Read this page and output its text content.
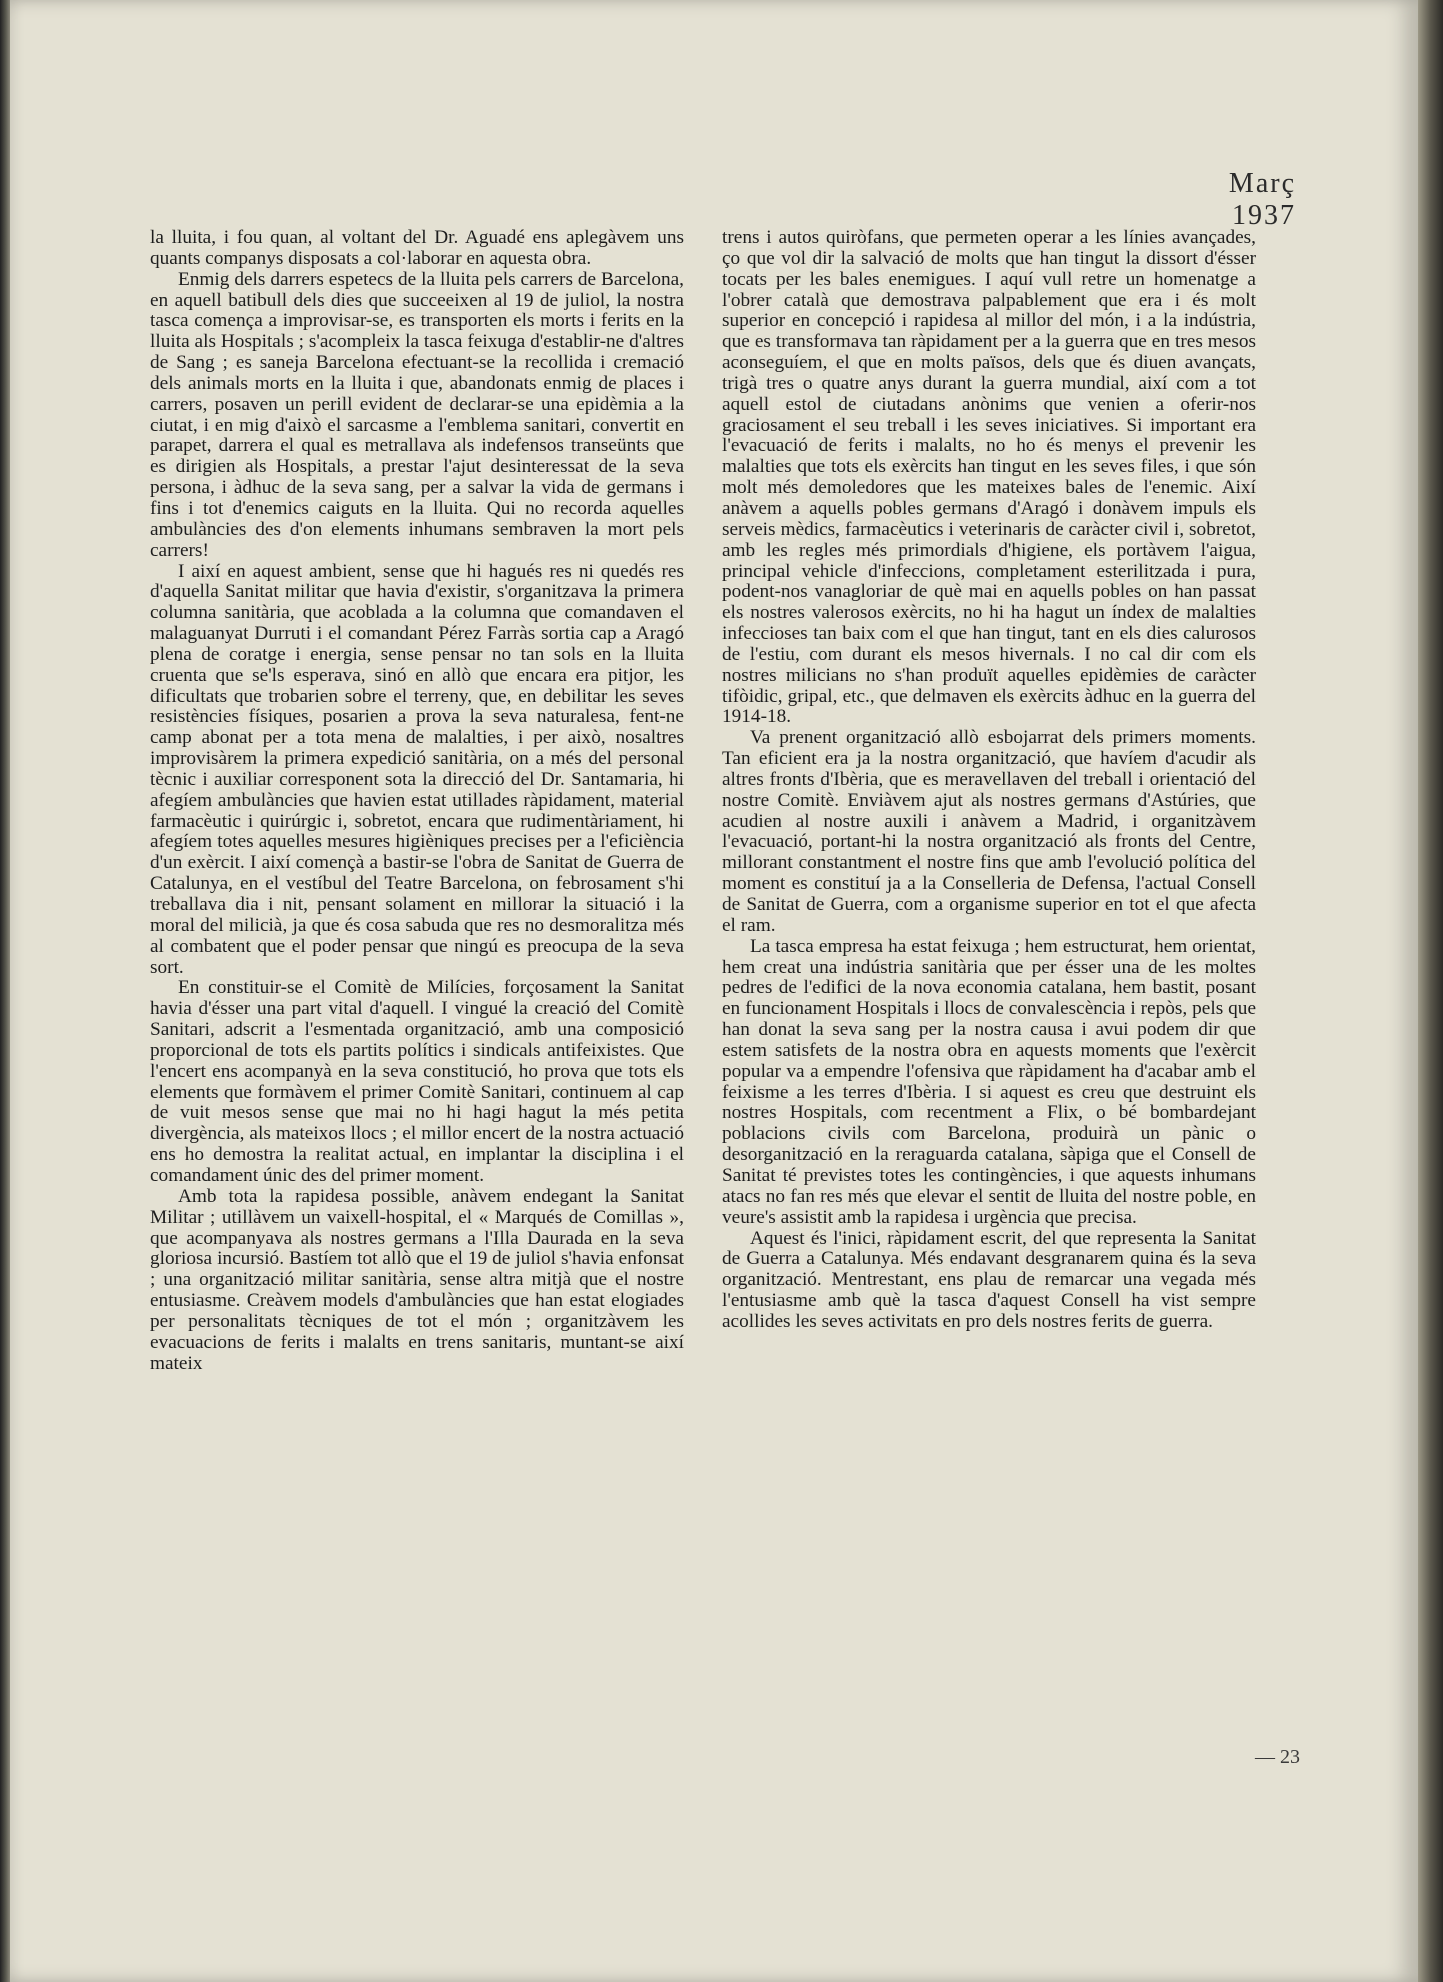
Març 1937

la lluita, i fou quan, al voltant del Dr. Aguadé ens aplegàvem uns quants companys disposats a col·laborar en aquesta obra.

Enmig dels darrers espetecs de la lluita pels carrers de Barcelona, en aquell batibull dels dies que succeeixen al 19 de juliol, la nostra tasca comença a improvisar-se, es transporten els morts i ferits en la lluita als Hospitals ; s'acompleix la tasca feixuga d'establir-ne d'altres de Sang ; es saneja Barcelona efectuant-se la recollida i cremació dels animals morts en la lluita i que, abandonats enmig de places i carrers, posaven un perill evident de declarar-se una epidèmia a la ciutat, i en mig d'això el sarcasme a l'emblema sanitari, convertit en parapet, darrera el qual es metrallava als indefensos transeünts que es dirigien als Hospitals, a prestar l'ajut desinteressat de la seva persona, i àdhuc de la seva sang, per a salvar la vida de germans i fins i tot d'enemics caiguts en la lluita. Qui no recorda aquelles ambulàncies des d'on elements inhumans sembraven la mort pels carrers!

I així en aquest ambient, sense que hi hagués res ni quedés res d'aquella Sanitat militar que havia d'existir, s'organitzava la primera columna sanitària, que acoblada a la columna que comandaven el malaguanyat Durruti i el comandant Pérez Farràs sortia cap a Aragó plena de coratge i energia, sense pensar no tan sols en la lluita cruenta que se'ls esperava, sinó en allò que encara era pitjor, les dificultats que trobarien sobre el terreny, que, en debilitar les seves resistències físiques, posarien a prova la seva naturalesa, fent-ne camp abonat per a tota mena de malalties, i per això, nosaltres improvisàrem la primera expedició sanitària, on a més del personal tècnic i auxiliar corresponent sota la direcció del Dr. Santamaria, hi afegíem ambulàncies que havien estat utillades ràpidament, material farmacèutic i quirúrgic i, sobretot, encara que rudimentàriament, hi afegíem totes aquelles mesures higièniques precises per a l'eficiència d'un exèrcit. I així començà a bastir-se l'obra de Sanitat de Guerra de Catalunya, en el vestíbul del Teatre Barcelona, on febrosament s'hi treballava dia i nit, pensant solament en millorar la situació i la moral del milicià, ja que és cosa sabuda que res no desmoralitza més al combatent que el poder pensar que ningú es preocupa de la seva sort.

En constituir-se el Comitè de Milícies, forçosament la Sanitat havia d'ésser una part vital d'aquell. I vingué la creació del Comitè Sanitari, adscrit a l'esmentada organització, amb una composició proporcional de tots els partits polítics i sindicals antifeixistes. Que l'encert ens acompanyà en la seva constitució, ho prova que tots els elements que formàvem el primer Comitè Sanitari, continuem al cap de vuit mesos sense que mai no hi hagi hagut la més petita divergència, als mateixos llocs ; el millor encert de la nostra actuació ens ho demostra la realitat actual, en implantar la disciplina i el comandament únic des del primer moment.

Amb tota la rapidesa possible, anàvem endegant la Sanitat Militar ; utillàvem un vaixell-hospital, el « Marqués de Comillas », que acompanyava als nostres germans a l'Illa Daurada en la seva gloriosa incursió. Bastíem tot allò que el 19 de juliol s'havia enfonsat ; una organització militar sanitària, sense altra mitjà que el nostre entusiasme. Creàvem models d'ambulàncies que han estat elogiades per personalitats tècniques de tot el món ; organitzàvem les evacuacions de ferits i malalts en trens sanitaris, muntant-se així mateix

trens i autos quiròfans, que permeten operar a les línies avançades, ço que vol dir la salvació de molts que han tingut la dissort d'ésser tocats per les bales enemigues. I aquí vull retre un homenatge a l'obrer català que demostrava palpablement que era i és molt superior en concepció i rapidesa al millor del món, i a la indústria, que es transformava tan ràpidament per a la guerra que en tres mesos aconseguíem, el que en molts països, dels que és diuen avançats, trigà tres o quatre anys durant la guerra mundial, així com a tot aquell estol de ciutadans anònims que venien a oferir-nos graciosament el seu treball i les seves iniciatives. Si important era l'evacuació de ferits i malalts, no ho és menys el prevenir les malalties que tots els exèrcits han tingut en les seves files, i que són molt més demoledores que les mateixes bales de l'enemic. Així anàvem a aquells pobles germans d'Aragó i donàvem impuls els serveis mèdics, farmacèutics i veterinaris de caràcter civil i, sobretot, amb les regles més primordials d'higiene, els portàvem l'aigua, principal vehicle d'infeccions, completament esterilitzada i pura, podent-nos vanagloriar de què mai en aquells pobles on han passat els nostres valerosos exèrcits, no hi ha hagut un índex de malalties infeccioses tan baix com el que han tingut, tant en els dies calurosos de l'estiu, com durant els mesos hivernals. I no cal dir com els nostres milicians no s'han produït aquelles epidèmies de caràcter tifòidic, gripal, etc., que delmaven els exèrcits àdhuc en la guerra del 1914-18.

Va prenent organització allò esbojarrat dels primers moments. Tan eficient era ja la nostra organització, que havíem d'acudir als altres fronts d'Ibèria, que es meravellaven del treball i orientació del nostre Comitè. Enviàvem ajut als nostres germans d'Astúries, que acudien al nostre auxili i anàvem a Madrid, i organitzàvem l'evacuació, portant-hi la nostra organització als fronts del Centre, millorant constantment el nostre fins que amb l'evolució política del moment es constituí ja a la Conselleria de Defensa, l'actual Consell de Sanitat de Guerra, com a organisme superior en tot el que afecta el ram.

La tasca empresa ha estat feixuga ; hem estructurat, hem orientat, hem creat una indústria sanitària que per ésser una de les moltes pedres de l'edifici de la nova economia catalana, hem bastit, posant en funcionament Hospitals i llocs de convalescència i repòs, pels que han donat la seva sang per la nostra causa i avui podem dir que estem satisfets de la nostra obra en aquests moments que l'exèrcit popular va a empendre l'ofensiva que ràpidament ha d'acabar amb el feixisme a les terres d'Ibèria. I si aquest es creu que destruint els nostres Hospitals, com recentment a Flix, o bé bombardejant poblacions civils com Barcelona, produirà un pànic o desorganització en la reraguarda catalana, sàpiga que el Consell de Sanitat té previstes totes les contingències, i que aquests inhumans atacs no fan res més que elevar el sentit de lluita del nostre poble, en veure's assistit amb la rapidesa i urgència que precisa.

Aquest és l'inici, ràpidament escrit, del que representa la Sanitat de Guerra a Catalunya. Més endavant desgranarem quina és la seva organització. Mentrestant, ens plau de remarcar una vegada més l'entusiasme amb què la tasca d'aquest Consell ha vist sempre acollides les seves activitats en pro dels nostres ferits de guerra.

— 23
